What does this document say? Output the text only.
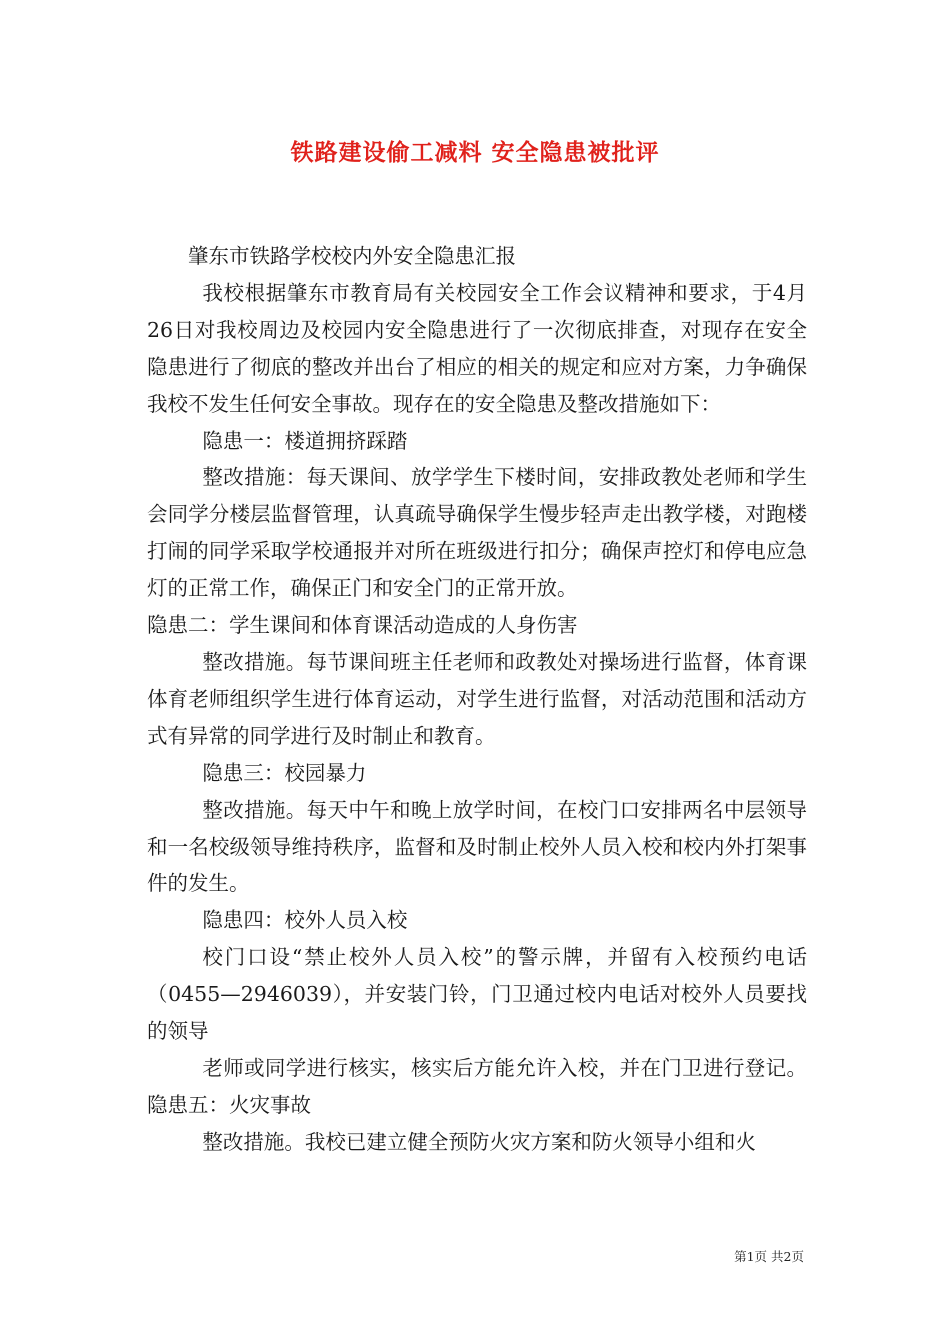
铁路建设偷工减料 安全隐患被批评

肇东市铁路学校校内外安全隐患汇报

我校根据肇东市教育局有关校园安全工作会议精神和要求，于4月26日对我校周边及校园内安全隐患进行了一次彻底排查，对现存在安全隐患进行了彻底的整改并出台了相应的相关的规定和应对方案，力争确保我校不发生任何安全事故。现存在的安全隐患及整改措施如下：

隐患一：楼道拥挤踩踏

整改措施：每天课间、放学学生下楼时间，安排政教处老师和学生会同学分楼层监督管理，认真疏导确保学生慢步轻声走出教学楼，对跑楼打闹的同学采取学校通报并对所在班级进行扣分；确保声控灯和停电应急灯的正常工作，确保正门和安全门的正常开放。

隐患二：学生课间和体育课活动造成的人身伤害

整改措施。每节课间班主任老师和政教处对操场进行监督，体育课体育老师组织学生进行体育运动，对学生进行监督，对活动范围和活动方式有异常的同学进行及时制止和教育。

隐患三：校园暴力

整改措施。每天中午和晚上放学时间，在校门口安排两名中层领导和一名校级领导维持秩序，监督和及时制止校外人员入校和校内外打架事件的发生。

隐患四：校外人员入校

校门口设“禁止校外人员入校”的警示牌，并留有入校预约电话（0455—2946039），并安装门铃，门卫通过校内电话对校外人员要找的领导

老师或同学进行核实，核实后方能允许入校，并在门卫进行登记。隐患五：火灾事故

整改措施。我校已建立健全预防火灾方案和防火领导小组和火

第1页 共2页
